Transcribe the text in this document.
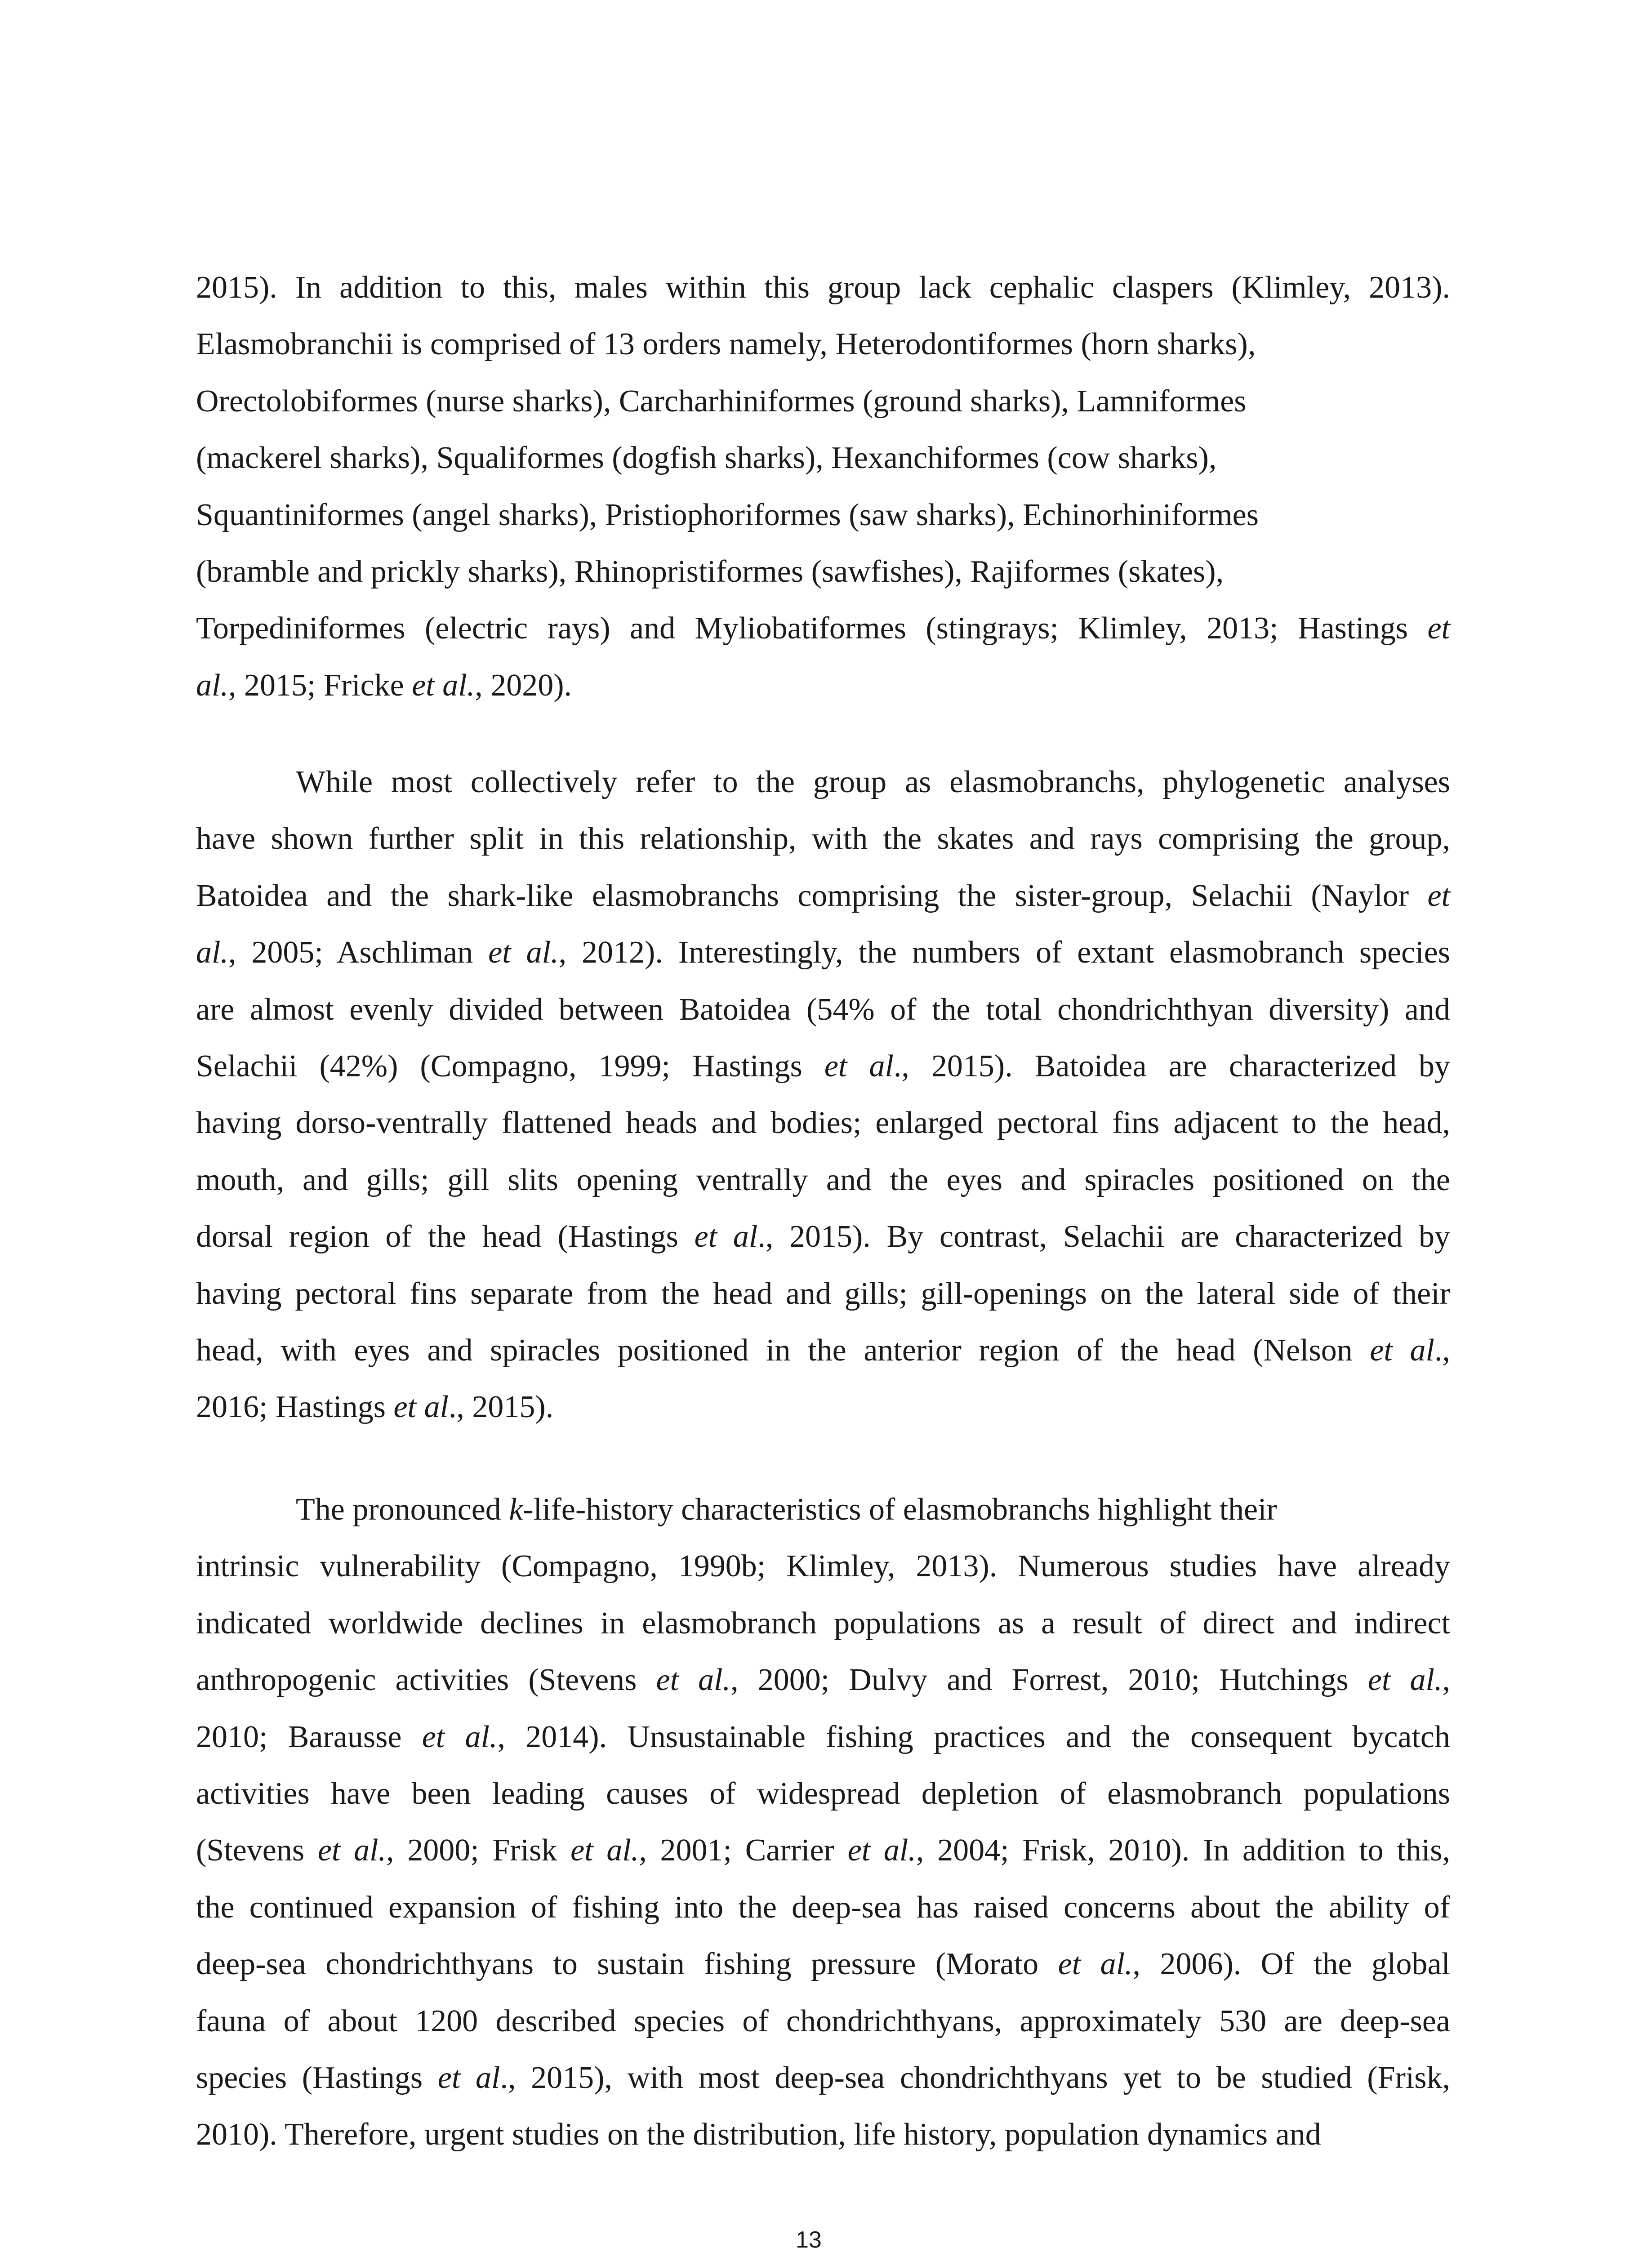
2015). In addition to this, males within this group lack cephalic claspers (Klimley, 2013).
Elasmobranchii is comprised of 13 orders namely, Heterodontiformes (horn sharks),
Orectolobiformes (nurse sharks), Carcharhiniformes (ground sharks), Lamniformes
(mackerel sharks), Squaliformes (dogfish sharks), Hexanchiformes (cow sharks),
Squantiniformes (angel sharks), Pristiophoriformes (saw sharks), Echinorhiniformes
(bramble and prickly sharks), Rhinopristiformes (sawfishes), Rajiformes (skates),
Torpediniformes (electric rays) and Myliobatiformes (stingrays; Klimley, 2013; Hastings et
al., 2015; Fricke et al., 2020).
While most collectively refer to the group as elasmobranchs, phylogenetic analyses
have shown further split in this relationship, with the skates and rays comprising the group,
Batoidea and the shark-like elasmobranchs comprising the sister-group, Selachii (Naylor et
al., 2005; Aschliman et al., 2012). Interestingly, the numbers of extant elasmobranch species
are almost evenly divided between Batoidea (54% of the total chondrichthyan diversity) and
Selachii (42%) (Compagno, 1999; Hastings et al., 2015). Batoidea are characterized by
having dorso-ventrally flattened heads and bodies; enlarged pectoral fins adjacent to the head,
mouth, and gills; gill slits opening ventrally and the eyes and spiracles positioned on the
dorsal region of the head (Hastings et al., 2015). By contrast, Selachii are characterized by
having pectoral fins separate from the head and gills; gill-openings on the lateral side of their
head, with eyes and spiracles positioned in the anterior region of the head (Nelson et al.,
2016; Hastings et al., 2015).
The pronounced k-life-history characteristics of elasmobranchs highlight their
intrinsic vulnerability (Compagno, 1990b; Klimley, 2013). Numerous studies have already
indicated worldwide declines in elasmobranch populations as a result of direct and indirect
anthropogenic activities (Stevens et al., 2000; Dulvy and Forrest, 2010; Hutchings et al.,
2010; Barausse et al., 2014). Unsustainable fishing practices and the consequent bycatch
activities have been leading causes of widespread depletion of elasmobranch populations
(Stevens et al., 2000; Frisk et al., 2001; Carrier et al., 2004; Frisk, 2010). In addition to this,
the continued expansion of fishing into the deep-sea has raised concerns about the ability of
deep-sea chondrichthyans to sustain fishing pressure (Morato et al., 2006). Of the global
fauna of about 1200 described species of chondrichthyans, approximately 530 are deep-sea
species (Hastings et al., 2015), with most deep-sea chondrichthyans yet to be studied (Frisk,
2010). Therefore, urgent studies on the distribution, life history, population dynamics and
13
